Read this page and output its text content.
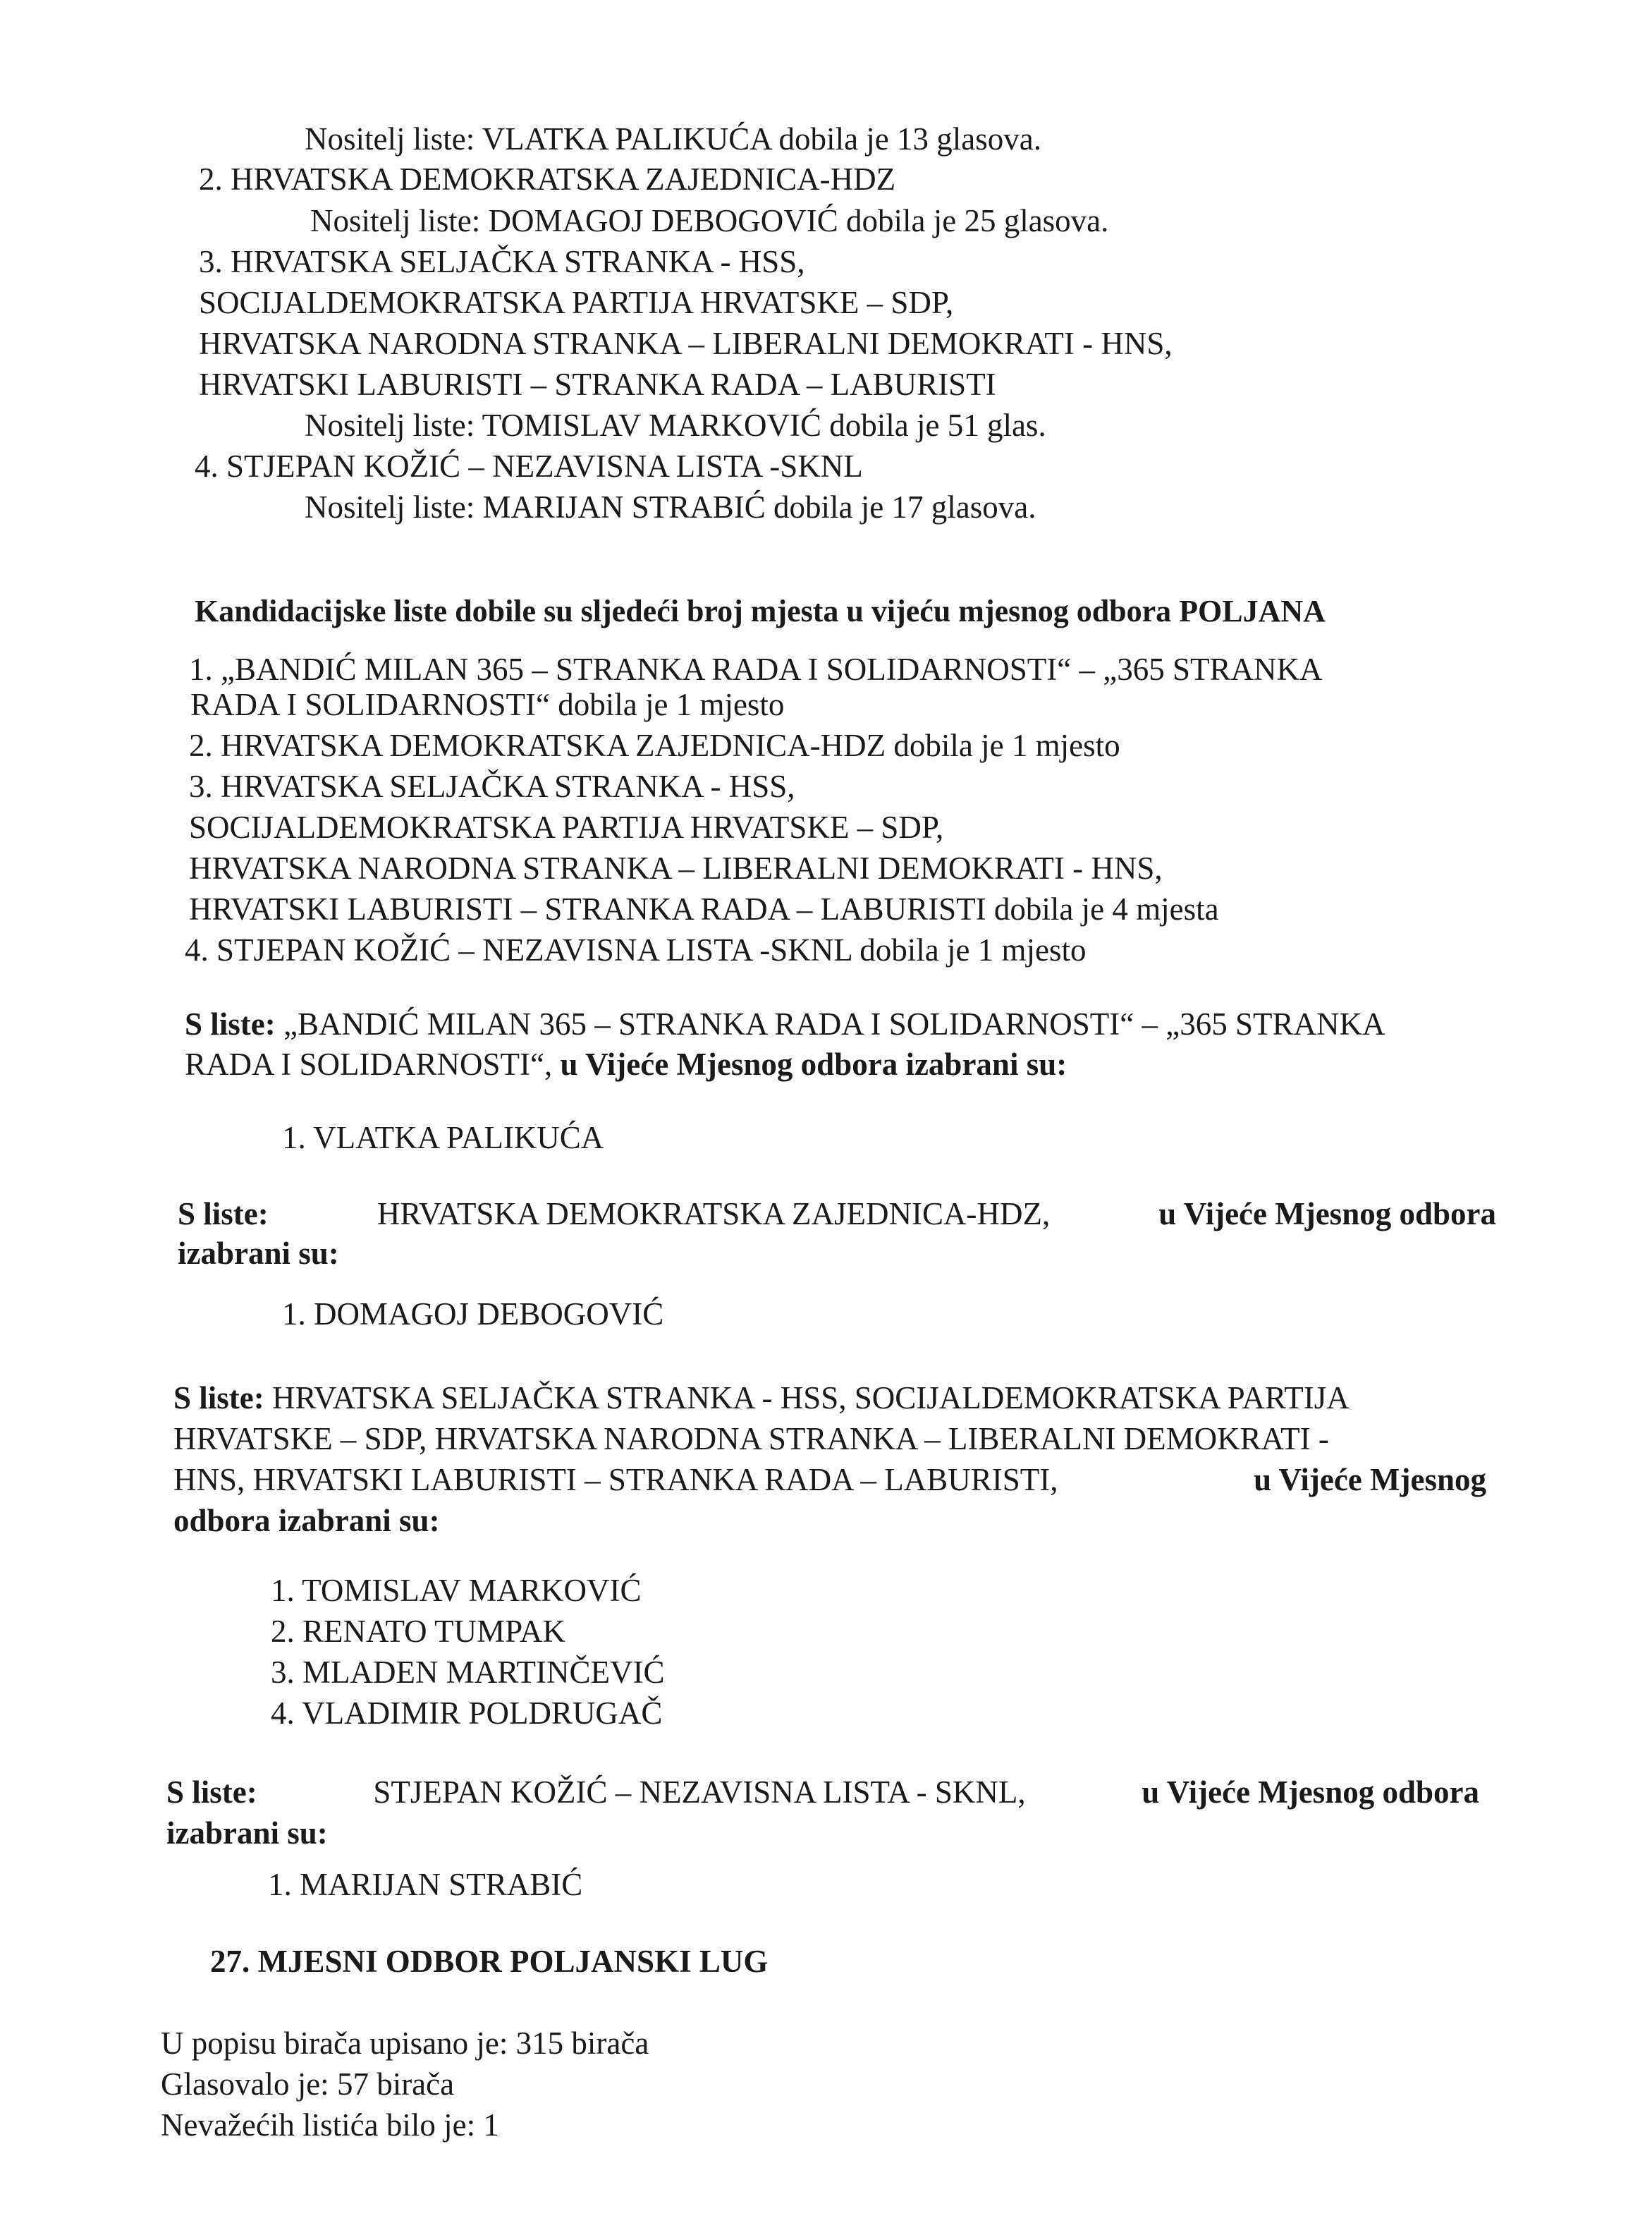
Nositelj liste: VLATKA PALIKUĆA dobila je 13 glasova.
2. HRVATSKA DEMOKRATSKA ZAJEDNICA-HDZ
Nositelj liste: DOMAGOJ DEBOGOVIĆ dobila je 25 glasova.
3. HRVATSKA SELJAČKA STRANKA - HSS,
SOCIJALDEMOKRATSKA PARTIJA HRVATSKE – SDP,
HRVATSKA NARODNA STRANKA – LIBERALNI DEMOKRATI - HNS,
HRVATSKI LABURISTI – STRANKA RADA – LABURISTI
Nositelj liste: TOMISLAV MARKOVIĆ dobila je 51 glas.
4. STJEPAN KOŽIĆ – NEZAVISNA LISTA -SKNL
Nositelj liste: MARIJAN STRABIĆ dobila je 17 glasova.
Kandidacijske liste dobile su sljedeći broj mjesta u vijeću mjesnog odbora POLJANA
1. „BANDIĆ MILAN 365 – STRANKA RADA I SOLIDARNOSTI“ – „365 STRANKA
RADA I SOLIDARNOSTI“ dobila je 1 mjesto
2. HRVATSKA DEMOKRATSKA ZAJEDNICA-HDZ dobila je 1 mjesto
3. HRVATSKA SELJAČKA STRANKA - HSS,
SOCIJALDEMOKRATSKA PARTIJA HRVATSKE – SDP,
HRVATSKA NARODNA STRANKA – LIBERALNI DEMOKRATI - HNS,
HRVATSKI LABURISTI – STRANKA RADA – LABURISTI dobila je 4 mjesta
4. STJEPAN KOŽIĆ – NEZAVISNA LISTA -SKNL dobila je 1 mjesto
S liste: „BANDIĆ MILAN 365 – STRANKA RADA I SOLIDARNOSTI“ – „365 STRANKA
RADA I SOLIDARNOSTI“, u Vijeće Mjesnog odbora izabrani su:
1. VLATKA PALIKUĆA
S liste:	HRVATSKA DEMOKRATSKA ZAJEDNICA-HDZ,	u Vijeće Mjesnog odbora
izabrani su:
1. DOMAGOJ DEBOGOVIĆ
S liste: HRVATSKA SELJAČKA STRANKA - HSS, SOCIJALDEMOKRATSKA PARTIJA
HRVATSKE – SDP, HRVATSKA NARODNA STRANKA – LIBERALNI DEMOKRATI -
HNS, HRVATSKI LABURISTI – STRANKA RADA – LABURISTI,	u Vijeće Mjesnog
odbora izabrani su:
1. TOMISLAV MARKOVIĆ
2. RENATO TUMPAK
3. MLADEN MARTINČEVIĆ
4. VLADIMIR POLDRUGAČ
S liste:	STJEPAN KOŽIĆ – NEZAVISNA LISTA - SKNL,	u Vijeće Mjesnog odbora
izabrani su:
1. MARIJAN STRABIĆ
27. MJESNI ODBOR POLJANSKI LUG
U popisu birača upisano je: 315 birača
Glasovalo je: 57 birača
Nevažećih listića bilo je: 1
